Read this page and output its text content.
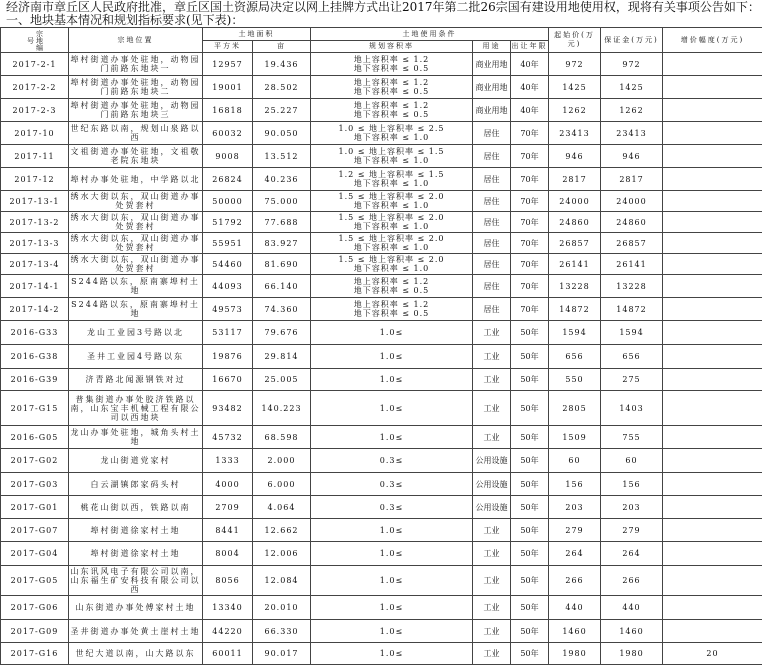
经济南市章丘区人民政府批准，章丘区国土资源局决定以网上挂牌方式出让2017年第二批26宗国有建设用地使用权，现将有关事项公告如下：
一、地块基本情况和规划指标要求(见下表)：
宗地编号	宗地位置	土地面积		土地使用条件			起始价(万元)	保证金(万元)	增价幅度(万元)
		平方米	亩	规划容积率	用途	出让年限			

2017-2-1	埠村街道办事处驻地，动物园门前路东地块一	12957	19.436	地上容积率 ≤ 1.2
地下容积率 ≤ 0.5	商业用地	40年	972	972	
2017-2-2	埠村街道办事处驻地，动物园门前路东地块二	19001	28.502	地上容积率 ≤ 1.2
地下容积率 ≤ 0.5	商业用地	40年	1425	1425	
2017-2-3	埠村街道办事处驻地，动物园门前路东地块三	16818	25.227	地上容积率 ≤ 1.2
地下容积率 ≤ 0.5	商业用地	40年	1262	1262	
2017-10	世纪东路以南，规划山泉路以西	60032	90.050	1.0 ≤ 地上容积率 ≤ 2.5
地下容积率 ≤ 1.0	居住	70年	23413	23413	
2017-11	文祖街道办事处驻地，文祖敬老院东地块	9008	13.512	1.0 ≤ 地上容积率 ≤ 1.5
地下容积率 ≤ 1.0	居住	70年	946	946	
2017-12	埠村办事处驻地，中学路以北	26824	40.236	1.2 ≤ 地上容积率 ≤ 1.5
地下容积率 ≤ 1.0	居住	70年	2817	2817	
2017-13-1	绣水大街以东，双山街道办事处贺套村	50000	75.000	1.5 ≤ 地上容积率 ≤ 2.0
地下容积率 ≤ 1.0	居住	70年	24000	24000	
2017-13-2	绣水大街以东，双山街道办事处贺套村	51792	77.688	1.5 ≤ 地上容积率 ≤ 2.0
地下容积率 ≤ 1.0	居住	70年	24860	24860	
2017-13-3	绣水大街以东，双山街道办事处贺套村	55951	83.927	1.5 ≤ 地上容积率 ≤ 2.0
地下容积率 ≤ 1.0	居住	70年	26857	26857	
2017-13-4	绣水大街以东，双山街道办事处贺套村	54460	81.690	1.5 ≤ 地上容积率 ≤ 2.0
地下容积率 ≤ 1.0	居住	70年	26141	26141	
2017-14-1	S244路以东，原南寨埠村土地	44093	66.140	地上容积率 ≤ 1.2
地下容积率 ≤ 0.5	居住	70年	13228	13228	
2017-14-2	S244路以东，原南寨埠村土地	49573	74.360	地上容积率 ≤ 1.2
地下容积率 ≤ 0.5	居住	70年	14872	14872	
2016-G33	龙山工业园3号路以北	53117	79.676	1.0≤	工业	50年	1594	1594	
2016-G38	圣井工业园4号路以东	19876	29.814	1.0≤	工业	50年	656	656	
2016-G39	济青路北闻源钢铁对过	16670	25.005	1.0≤	工业	50年	550	275	
2017-G15	普集街道办事处胶济铁路以南，山东宝丰机械工程有限公司以西地块	93482	140.223	1.0≤	工业	50年	2805	1403	
2016-G05	龙山办事处驻地，城角头村土地	45732	68.598	1.0≤	工业	50年	1509	755	
2017-G02	龙山街道党家村	1333	2.000	0.3≤	公用设施	50年	60	60	
2017-G03	白云湖镇郎家码头村	4000	6.000	0.3≤	公用设施	50年	156	156	
2017-G01	桃花山街以西，铁路以南	2709	4.064	0.3≤	公用设施	50年	203	203	
2017-G07	埠村街道徐家村土地	8441	12.662	1.0≤	工业	50年	279	279	
2017-G04	埠村街道徐家村土地	8004	12.006	1.0≤	工业	50年	264	264	
2017-G05	山东讯风电子有限公司以南，山东福生矿安科技有限公司以西	8056	12.084	1.0≤	工业	50年	266	266	
2017-G06	山东街道办事处傅家村土地	13340	20.010	1.0≤	工业	50年	440	440	
2017-G09	圣井街道办事处黄土崖村土地	44220	66.330	1.0≤	工业	50年	1460	1460	
2017-G16	世纪大道以南，山大路以东	60011	90.017	1.0≤	工业	50年	1980	1980	20
